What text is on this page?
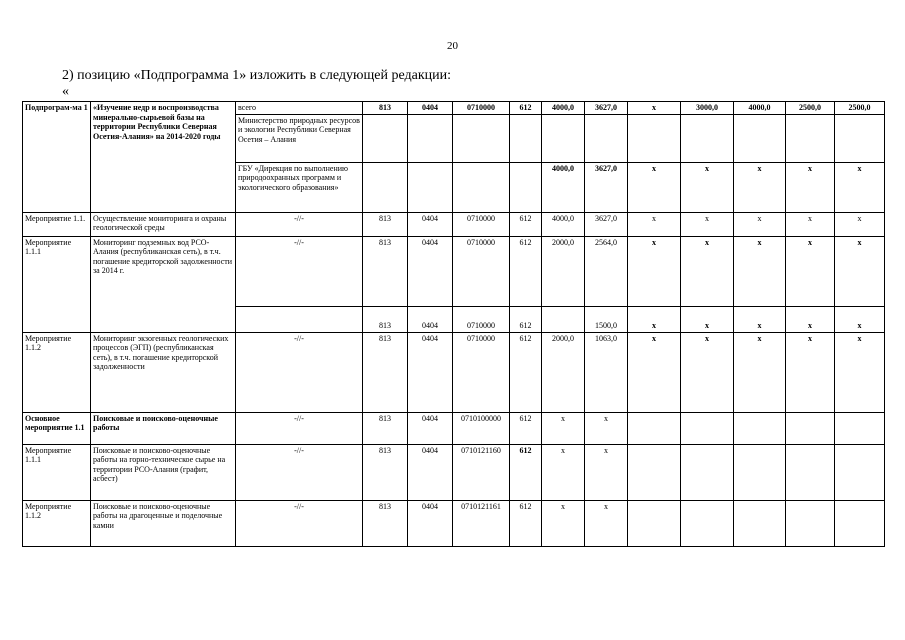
20
2) позицию «Подпрограмма 1» изложить в следующей редакции:
«
Подпрограм-ма 1	«Изучение недр и воспроизводства минерально-сырьевой базы на территории Республики Северная Осетия-Алания» на 2014-2020 годы	всего	813	0404	0710000	612	4000,0	3627,0	х	3000,0	4000,0	2500,0	2500,0
		Министерство природных ресурсов и экологии Республики Северная Осетия – Алания											
		ГБУ «Дирекция по выполнению природоохранных программ и экологического образования»					4000,0	3627,0	х	х	х	х	х
Мероприятие 1.1.	Осуществление мониторинга и охраны геологической среды	-//-	813	0404	0710000	612	4000,0	3627,0	х	х	х	х	х
Мероприятие 1.1.1	Мониторинг подземных вод РСО-Алания (республиканская сеть), в т.ч. погашение кредиторской задолженности за 2014 г.	-//-	813	0404	0710000	612	2000,0	2564,0	х	х	х	х	х
			813	0404	0710000	612		1500,0	х	х	х	х	х
Мероприятие 1.1.2	Мониторинг экзогенных геологических процессов (ЭГП) (республиканская сеть), в т.ч. погашение кредиторской задолженности	-//-	813	0404	0710000	612	2000,0	1063,0	х	х	х	х	х
Основное мероприятие 1.1	Поисковые и поисково-оценочные работы	-//-	813	0404	0710100000	612	х	х					
Мероприятие 1.1.1	Поисковые и поисково-оценочные работы на горно-техническое сырье на территории РСО-Алания (графит, асбест)	-//-	813	0404	0710121160	612	х	х					
Мероприятие 1.1.2	Поисковые и поисково-оценочные работы на драгоценные и поделочные камни	-//-	813	0404	0710121161	612	х	х					
